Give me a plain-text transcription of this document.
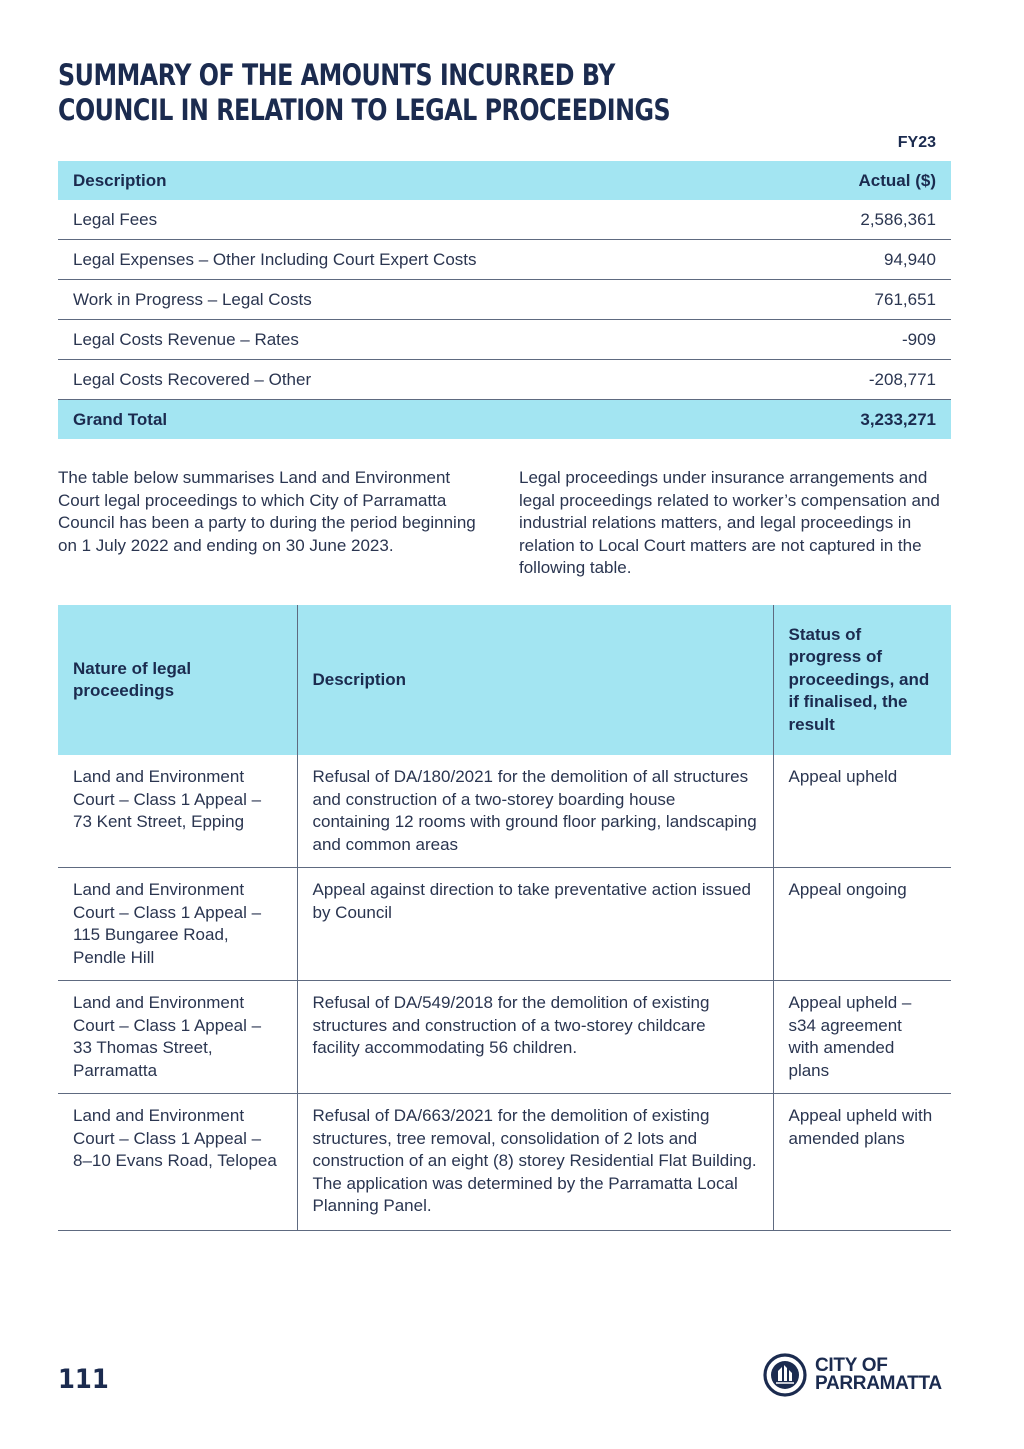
SUMMARY OF THE AMOUNTS INCURRED BY COUNCIL IN RELATION TO LEGAL PROCEEDINGS
FY23
Description	Actual ($)
Legal Fees	2,586,361
Legal Expenses – Other Including Court Expert Costs	94,940
Work in Progress – Legal Costs	761,651
Legal Costs Revenue – Rates	-909
Legal Costs Recovered – Other	-208,771
Grand Total	3,233,271

The table below summarises Land and Environment Court legal proceedings to which City of Parramatta Council has been a party to during the period beginning on 1 July 2022 and ending on 30 June 2023.

Legal proceedings under insurance arrangements and legal proceedings related to worker’s compensation and industrial relations matters, and legal proceedings in relation to Local Court matters are not captured in the following table.

Nature of legal proceedings	Description	Status of progress of proceedings, and if finalised, the result
Land and Environment Court – Class 1 Appeal – 73 Kent Street, Epping	Refusal of DA/180/2021 for the demolition of all structures and construction of a two-storey boarding house containing 12 rooms with ground floor parking, landscaping and common areas	Appeal upheld
Land and Environment Court – Class 1 Appeal – 115 Bungaree Road, Pendle Hill	Appeal against direction to take preventative action issued by Council	Appeal ongoing
Land and Environment Court – Class 1 Appeal – 33 Thomas Street, Parramatta	Refusal of DA/549/2018 for the demolition of existing structures and construction of a two-storey childcare facility accommodating 56 children.	Appeal upheld – s34 agreement with amended plans
Land and Environment Court – Class 1 Appeal – 8–10 Evans Road, Telopea	Refusal of DA/663/2021 for the demolition of existing structures, tree removal, consolidation of 2 lots and construction of an eight (8) storey Residential Flat Building. The application was determined by the Parramatta Local Planning Panel.	Appeal upheld with amended plans
111	CITY OF
PARRAMATTA
